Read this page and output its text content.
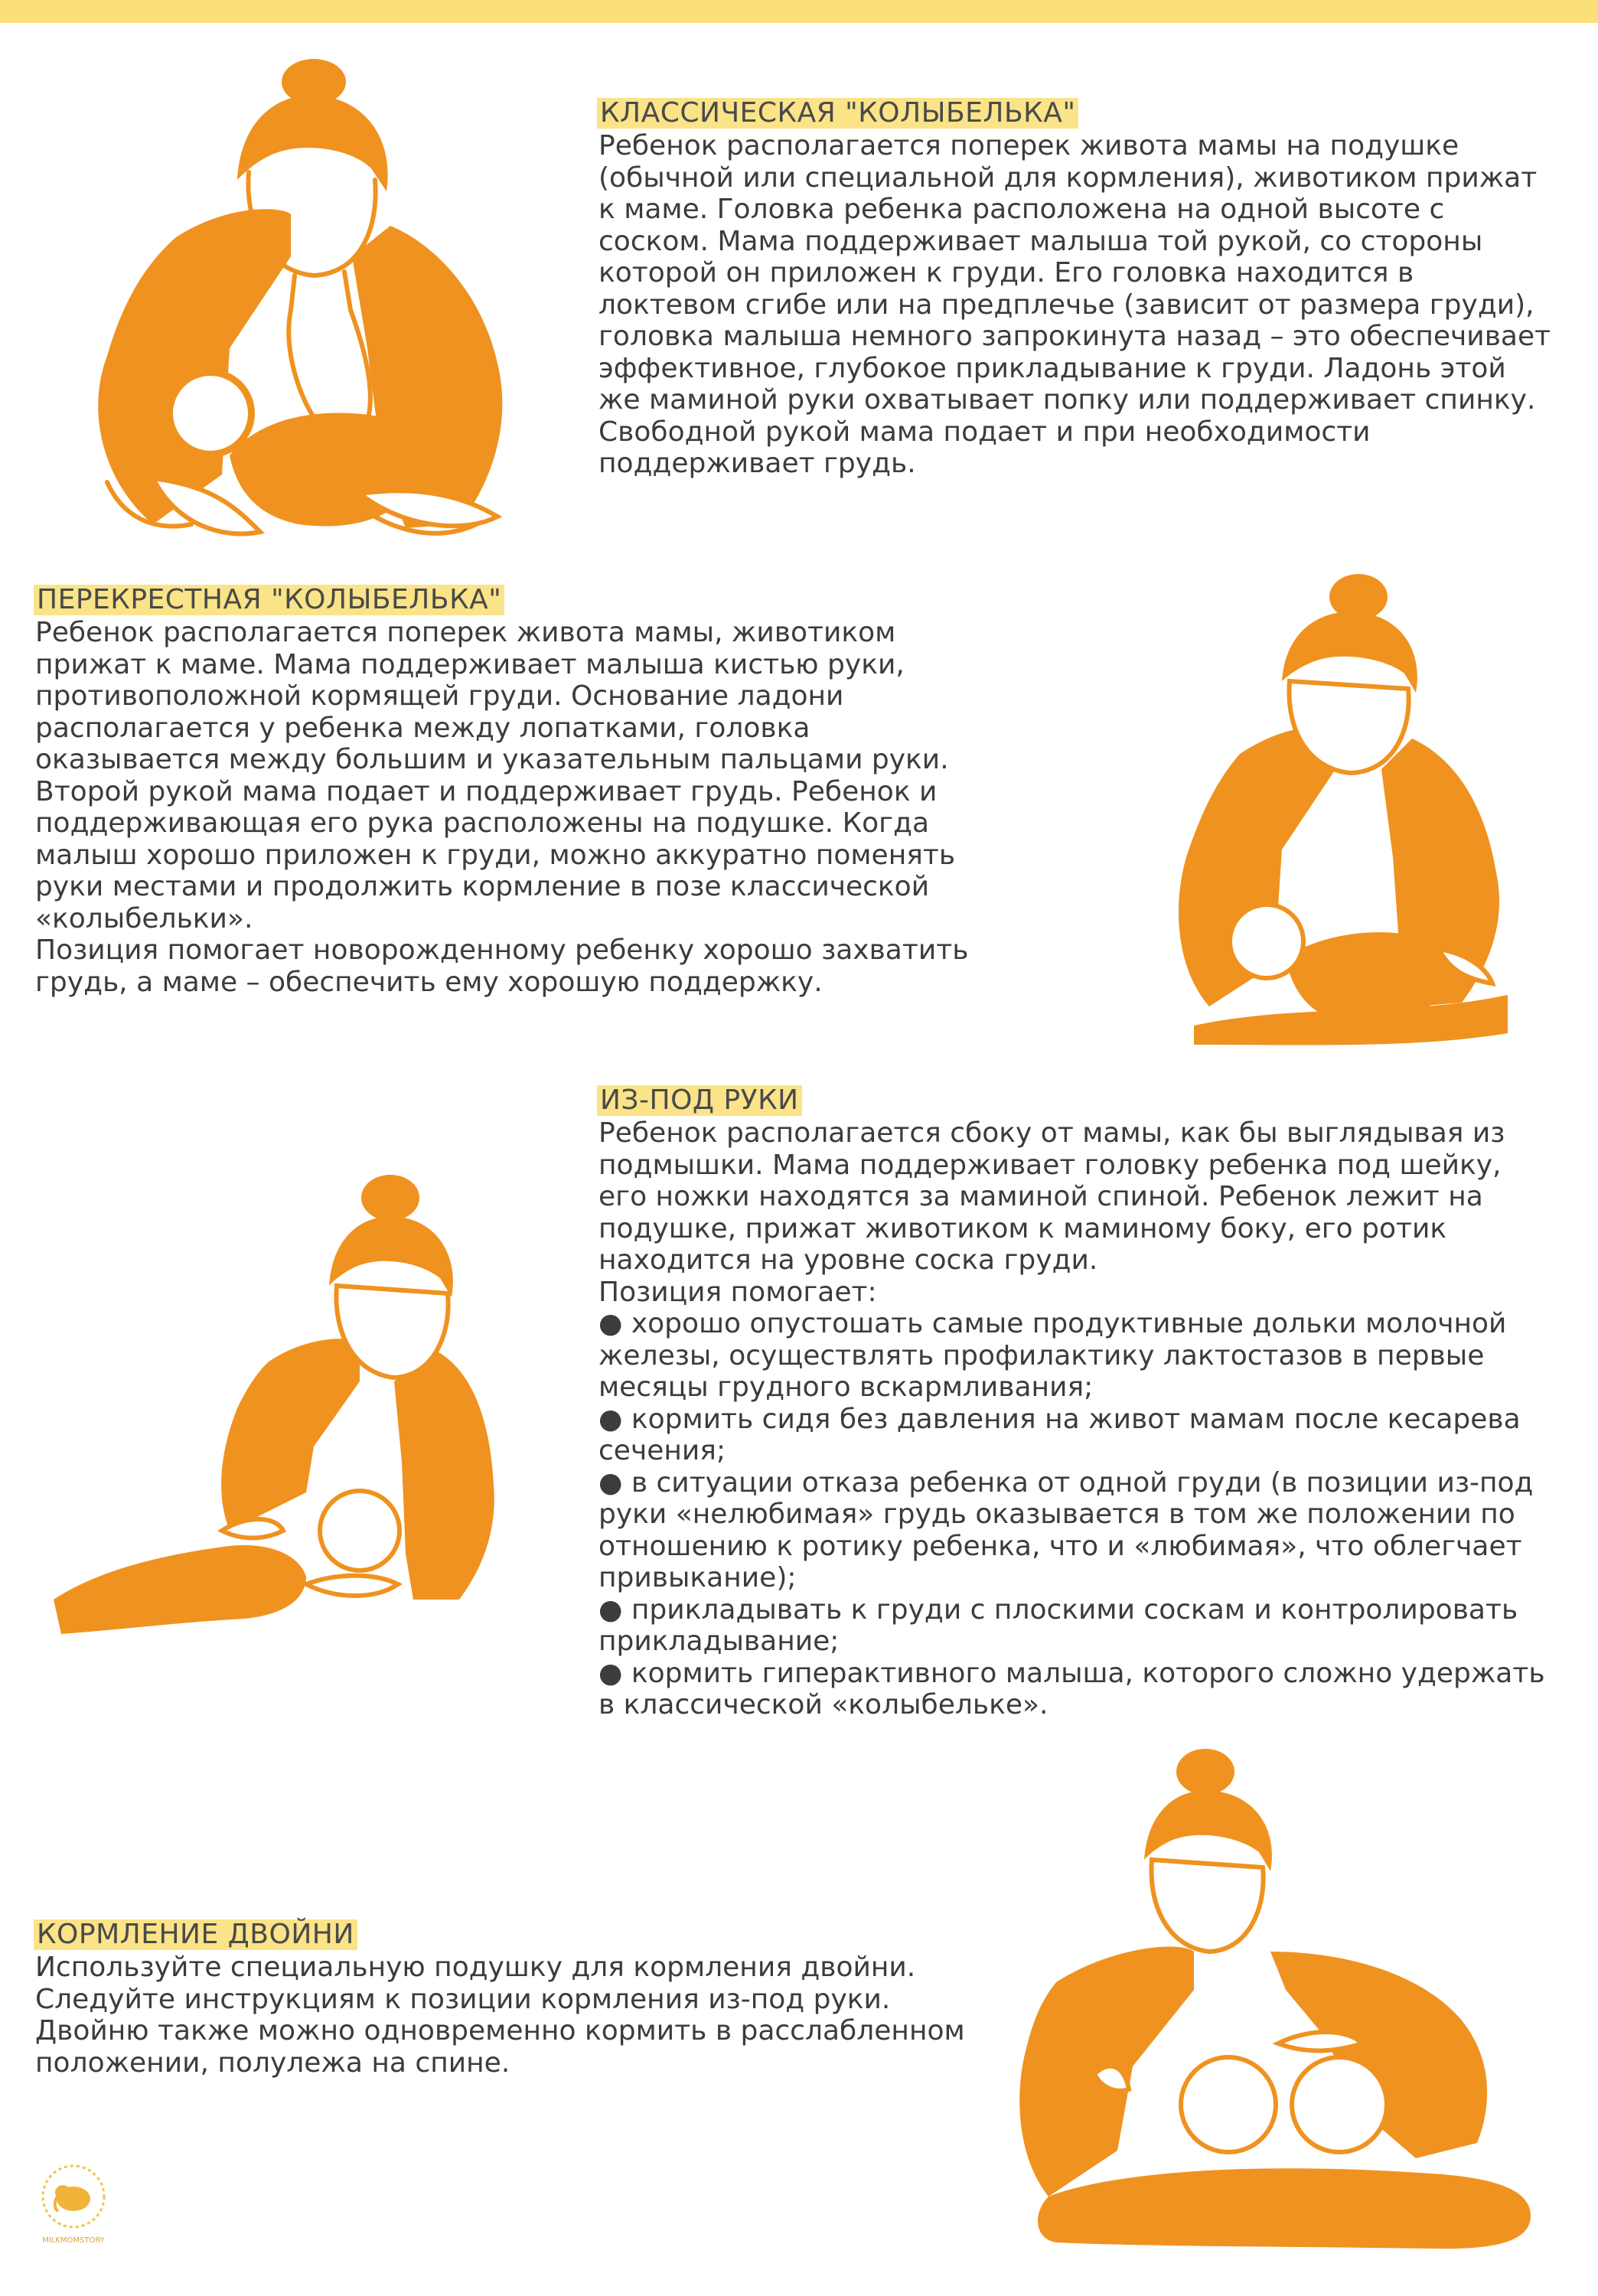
КЛАССИЧЕСКАЯ "КОЛЫБЕЛЬКА"

Ребенок располагается поперек живота мамы на подушке

(обычной или специальной для кормления), животиком прижат

к маме. Головка ребенка расположена на одной высоте с

соском. Мама поддерживает малыша той рукой, со стороны

которой он приложен к груди. Его головка находится в

локтевом сгибе или на предплечье (зависит от размера груди),

головка малыша немного запрокинута назад – это обеспечивает

эффективное, глубокое прикладывание к груди. Ладонь этой

же маминой руки охватывает попку или поддерживает спинку.

Свободной рукой мама подает и при необходимости

поддерживает грудь.

ПЕРЕКРЕСТНАЯ "КОЛЫБЕЛЬКА"

Ребенок располагается поперек живота мамы, животиком

прижат к маме. Мама поддерживает малыша кистью руки,

противоположной кормящей груди. Основание ладони

располагается у ребенка между лопатками, головка

оказывается между большим и указательным пальцами руки.

Второй рукой мама подает и поддерживает грудь. Ребенок и

поддерживающая его рука расположены на подушке. Когда

малыш хорошо приложен к груди, можно аккуратно поменять

руки местами и продолжить кормление в позе классической

«колыбельки».

Позиция помогает новорожденному ребенку хорошо захватить

грудь, а маме – обеспечить ему хорошую поддержку.

ИЗ-ПОД РУКИ

Ребенок располагается сбоку от мамы, как бы выглядывая из

подмышки. Мама поддерживает головку ребенка под шейку,

его ножки находятся за маминой спиной. Ребенок лежит на

подушке, прижат животиком к маминому боку, его ротик

находится на уровне соска груди.

Позиция помогает:

● хорошо опустошать самые продуктивные дольки молочной

железы, осуществлять профилактику лактостазов в первые

месяцы грудного вскармливания;

● кормить сидя без давления на живот мамам после кесарева

сечения;

● в ситуации отказа ребенка от одной груди (в позиции из-под

руки «нелюбимая» грудь оказывается в том же положении по

отношению к ротику ребенка, что и «любимая», что облегчает

привыкание);

● прикладывать к груди с плоскими соскам и контролировать

прикладывание;

● кормить гиперактивного малыша, которого сложно удержать

в классической «колыбельке».

КОРМЛЕНИЕ ДВОЙНИ

Используйте специальную подушку для кормления двойни.

Следуйте инструкциям к позиции кормления из-под руки.

Двойню также можно одновременно кормить в расслабленном

положении, полулежа на спине.

MILKMOMSTORY
